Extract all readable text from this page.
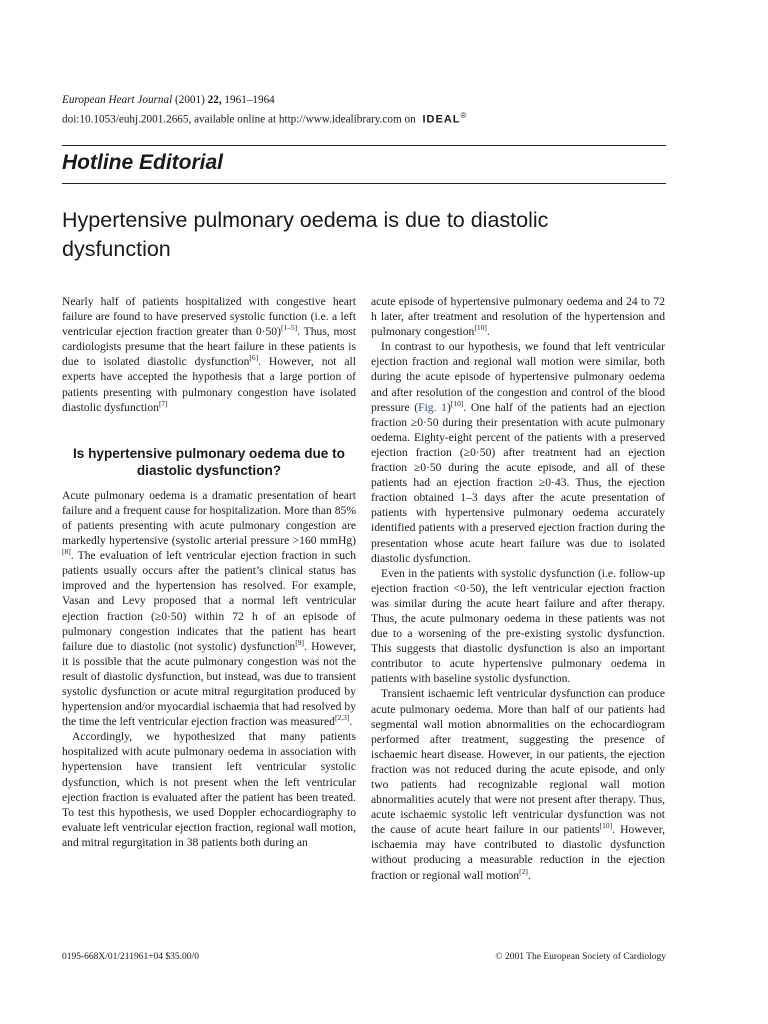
European Heart Journal (2001) 22, 1961–1964
doi:10.1053/euhj.2001.2665, available online at http://www.idealibrary.com on IDEAL®
Hotline Editorial
Hypertensive pulmonary oedema is due to diastolic dysfunction

Nearly half of patients hospitalized with congestive heart failure are found to have preserved systolic function (i.e. a left ventricular ejection fraction greater than 0·50)[1–5]. Thus, most cardiologists presume that the heart failure in these patients is due to isolated diastolic dysfunction[6]. However, not all experts have accepted the hypothesis that a large portion of patients presenting with pulmonary congestion have isolated diastolic dysfunction[7]

Is hypertensive pulmonary oedema due to diastolic dysfunction?

Acute pulmonary oedema is a dramatic presentation of heart failure and a frequent cause for hospitalization. More than 85% of patients presenting with acute pulmonary congestion are markedly hypertensive (systolic arterial pressure >160 mmHg)[8]. The evaluation of left ventricular ejection fraction in such patients usually occurs after the patient’s clinical status has improved and the hypertension has resolved. For example, Vasan and Levy proposed that a normal left ventricular ejection fraction (≥0·50) within 72 h of an episode of pulmonary congestion indicates that the patient has heart failure due to diastolic (not systolic) dysfunction[9]. However, it is possible that the acute pulmonary congestion was not the result of diastolic dysfunction, but instead, was due to transient systolic dysfunction or acute mitral regurgitation produced by hypertension and/or myocardial ischaemia that had resolved by the time the left ventricular ejection fraction was measured[2,3].

Accordingly, we hypothesized that many patients hospitalized with acute pulmonary oedema in association with hypertension have transient left ventricular systolic dysfunction, which is not present when the left ventricular ejection fraction is evaluated after the patient has been treated. To test this hypothesis, we used Doppler echocardiography to evaluate left ventricular ejection fraction, regional wall motion, and mitral regurgitation in 38 patients both during an

acute episode of hypertensive pulmonary oedema and 24 to 72 h later, after treatment and resolution of the hypertension and pulmonary congestion[10].

In contrast to our hypothesis, we found that left ventricular ejection fraction and regional wall motion were similar, both during the acute episode of hypertensive pulmonary oedema and after resolution of the congestion and control of the blood pressure (Fig. 1)[10]. One half of the patients had an ejection fraction ≥0·50 during their presentation with acute pulmonary oedema. Eighty-eight percent of the patients with a preserved ejection fraction (≥0·50) after treatment had an ejection fraction ≥0·50 during the acute episode, and all of these patients had an ejection fraction ≥0·43. Thus, the ejection fraction obtained 1–3 days after the acute presentation of patients with hypertensive pulmonary oedema accurately identified patients with a preserved ejection fraction during the presentation whose acute heart failure was due to isolated diastolic dysfunction.

Even in the patients with systolic dysfunction (i.e. follow-up ejection fraction <0·50), the left ventricular ejection fraction was similar during the acute heart failure and after therapy. Thus, the acute pulmonary oedema in these patients was not due to a worsening of the pre-existing systolic dysfunction. This suggests that diastolic dysfunction is also an important contributor to acute hypertensive pulmonary oedema in patients with baseline systolic dysfunction.

Transient ischaemic left ventricular dysfunction can produce acute pulmonary oedema. More than half of our patients had segmental wall motion abnormalities on the echocardiogram performed after treatment, suggesting the presence of ischaemic heart disease. However, in our patients, the ejection fraction was not reduced during the acute episode, and only two patients had recognizable regional wall motion abnormalities acutely that were not present after therapy. Thus, acute ischaemic systolic left ventricular dysfunction was not the cause of acute heart failure in our patients[10]. However, ischaemia may have contributed to diastolic dysfunction without producing a measurable reduction in the ejection fraction or regional wall motion[2].

0195-668X/01/211961+04 $35.00/0	© 2001 The European Society of Cardiology
